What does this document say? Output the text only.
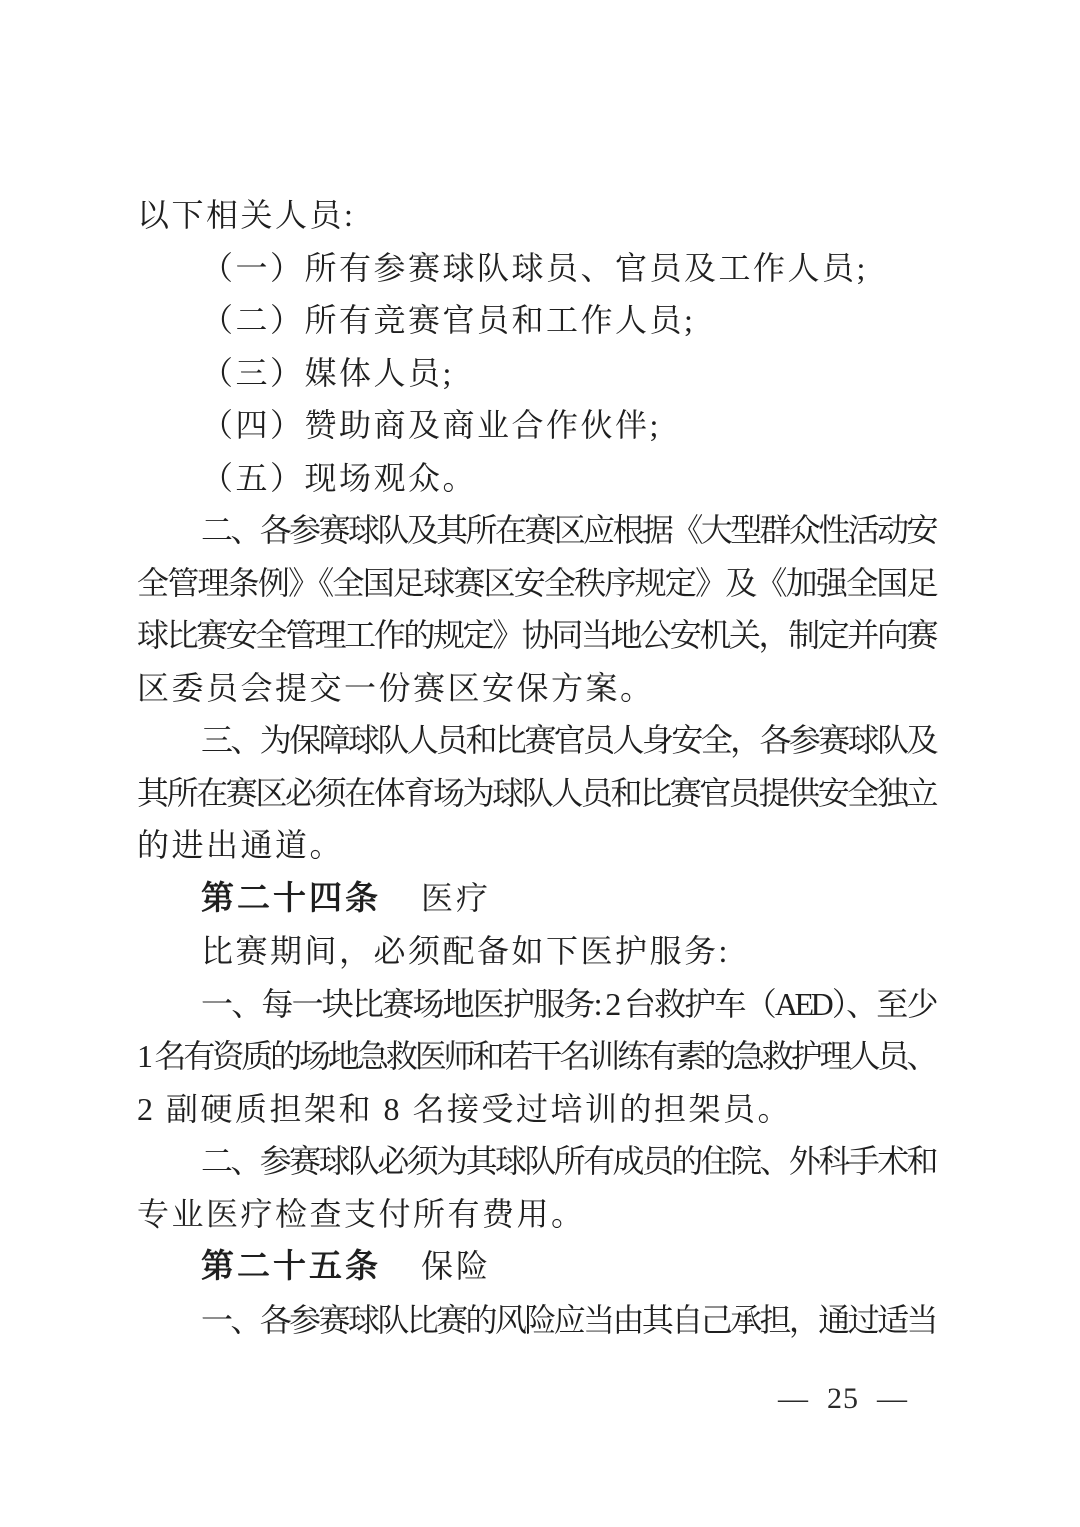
以下相关人员:
（一）所有参赛球队球员、官员及工作人员;
（二）所有竞赛官员和工作人员;
（三）媒体人员;
（四）赞助商及商业合作伙伴;
（五）现场观众。
二、各参赛球队及其所在赛区应根据《大型群众性活动安
全管理条例》《全国足球赛区安全秩序规定》及《加强全国足
球比赛安全管理工作的规定》协同当地公安机关，制定并向赛
区委员会提交一份赛区安保方案。
三、为保障球队人员和比赛官员人身安全，各参赛球队及
其所在赛区必须在体育场为球队人员和比赛官员提供安全独立
的进出通道。
第二十四条 医疗
比赛期间，必须配备如下医护服务:
一、每一块比赛场地医护服务: 2 台救护车（AED）、至少
1 名有资质的场地急救医师和若干名训练有素的急救护理人员、
2 副硬质担架和 8 名接受过培训的担架员。
二、参赛球队必须为其球队所有成员的住院、外科手术和
专业医疗检查支付所有费用。
第二十五条 保险
一、各参赛球队比赛的风险应当由其自己承担，通过适当
— 25 —
